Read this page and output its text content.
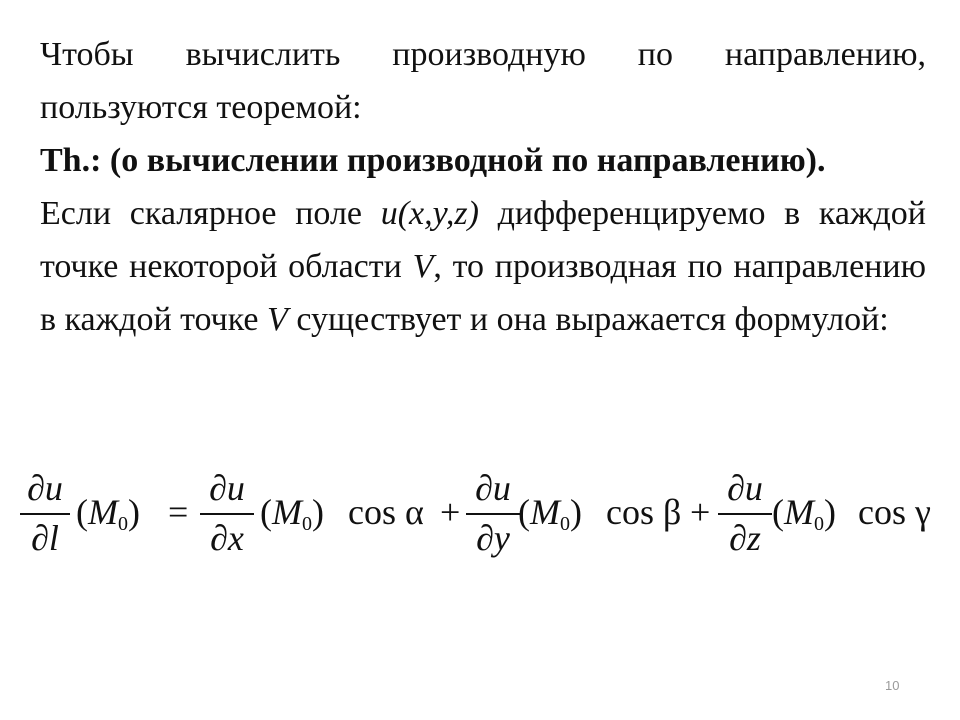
Чтобы вычислить производную по направлению, пользуются теоремой:

Th.: (о вычислении производной по направлению).

Если скалярное поле u(x,y,z) дифференцируемо в каждой точке некоторой области V, то производная по направлению в каждой точке V существует и она выражается формулой:

∂u
∂l
$(M_0)$ =
∂u
∂x
$(M_0)$ cos α +
∂u
∂y
$(M_0)$ cos β +
∂u
∂z
$(M_0)$ cos γ
10
